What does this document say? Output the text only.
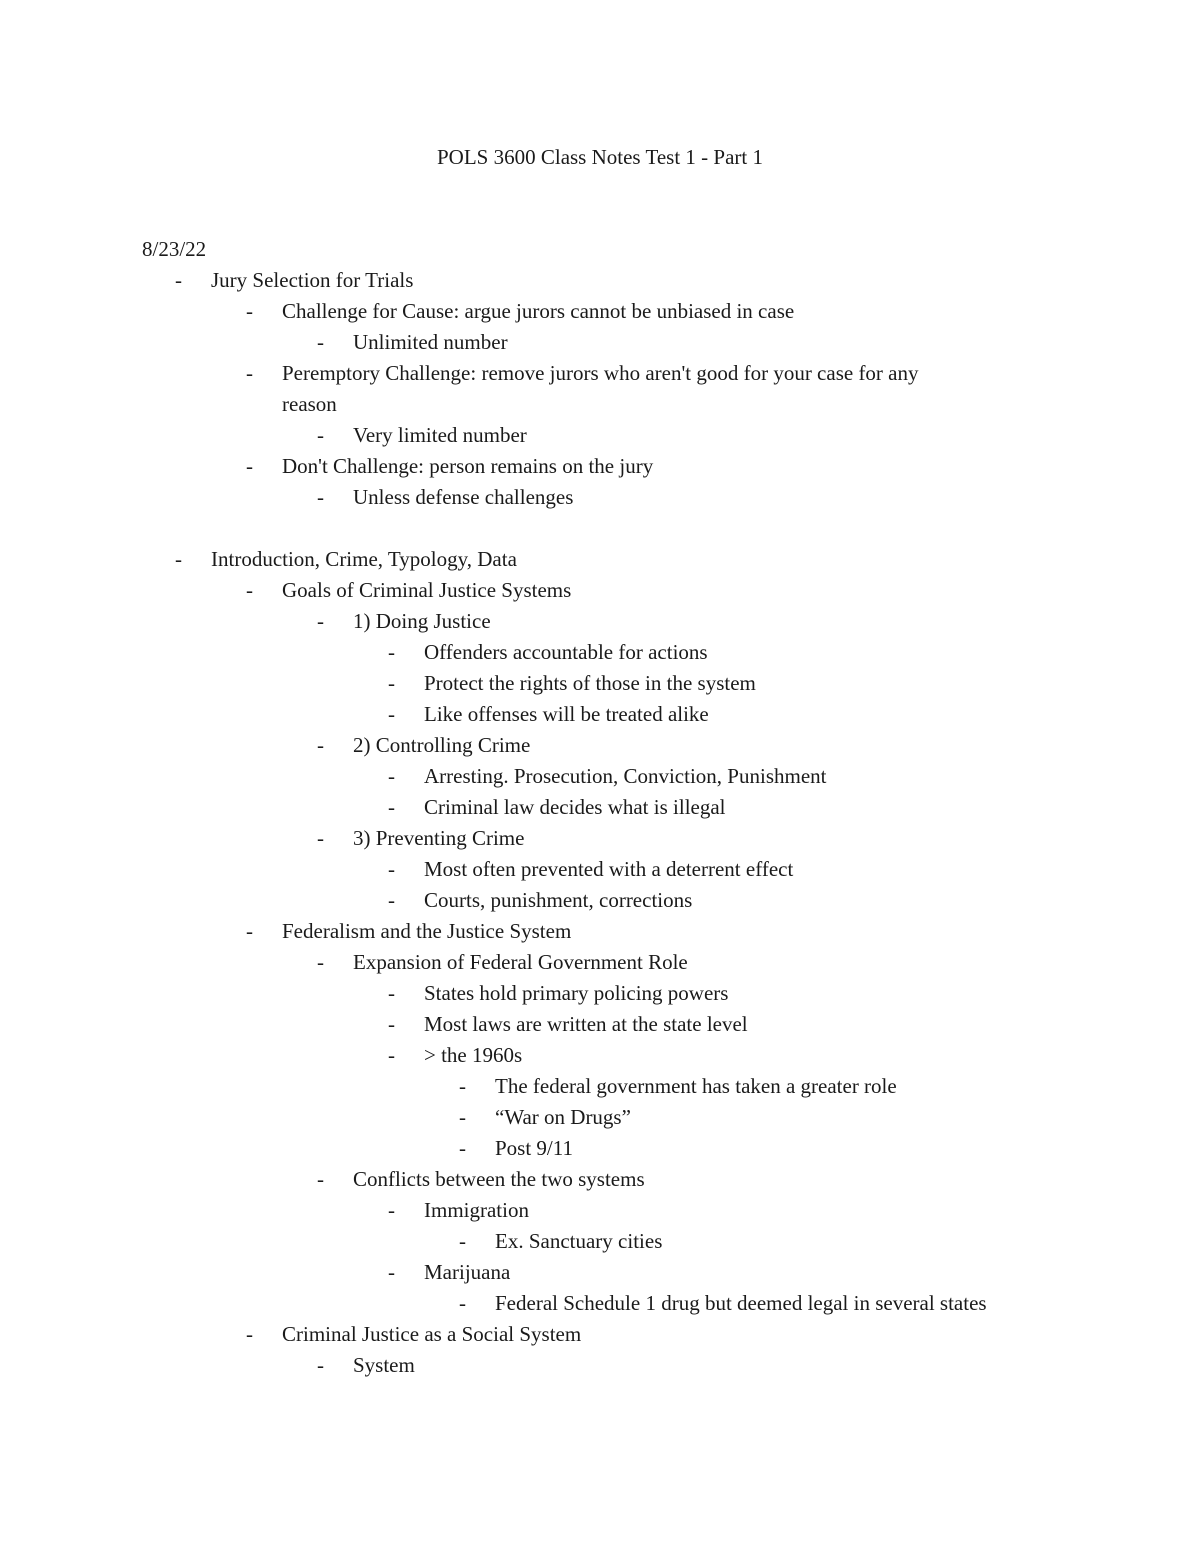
POLS 3600 Class Notes Test 1 - Part 1
8/23/22
- Jury Selection for Trials
- Challenge for Cause: argue jurors cannot be unbiased in case
- Unlimited number
- Peremptory Challenge: remove jurors who aren't good for your case for any
reason
- Very limited number
- Don't Challenge: person remains on the jury
- Unless defense challenges
- Introduction, Crime, Typology, Data
- Goals of Criminal Justice Systems
- 1) Doing Justice
- Offenders accountable for actions
- Protect the rights of those in the system
- Like offenses will be treated alike
- 2) Controlling Crime
- Arresting. Prosecution, Conviction, Punishment
- Criminal law decides what is illegal
- 3) Preventing Crime
- Most often prevented with a deterrent effect
- Courts, punishment, corrections
- Federalism and the Justice System
- Expansion of Federal Government Role
- States hold primary policing powers
- Most laws are written at the state level
- > the 1960s
- The federal government has taken a greater role
- “War on Drugs”
- Post 9/11
- Conflicts between the two systems
- Immigration
- Ex. Sanctuary cities
- Marijuana
- Federal Schedule 1 drug but deemed legal in several states
- Criminal Justice as a Social System
- System
